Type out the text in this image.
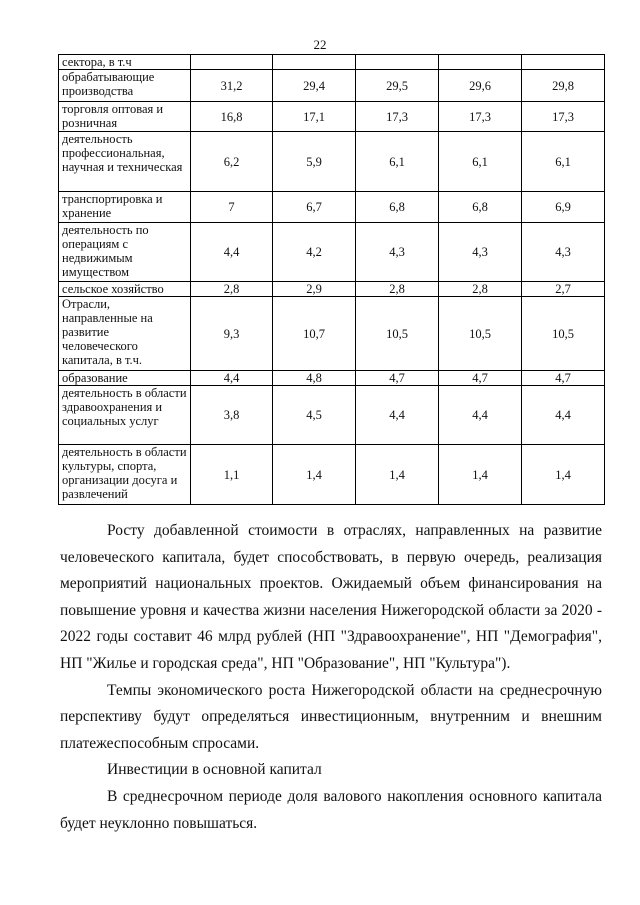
22
сектора, в т.ч					
обрабатывающие производства	31,2	29,4	29,5	29,6	29,8
торговля оптовая и розничная	16,8	17,1	17,3	17,3	17,3
деятельность профессиональная, научная и техническая	6,2	5,9	6,1	6,1	6,1
транспортировка и хранение	7	6,7	6,8	6,8	6,9
деятельность по операциям с недвижимым имуществом	4,4	4,2	4,3	4,3	4,3
сельское хозяйство	2,8	2,9	2,8	2,8	2,7
Отрасли, направленные на развитие человеческого капитала, в т.ч.	9,3	10,7	10,5	10,5	10,5
образование	4,4	4,8	4,7	4,7	4,7
деятельность в области здравоохранения и социальных услуг	3,8	4,5	4,4	4,4	4,4
деятельность в области культуры, спорта, организации досуга и развлечений	1,1	1,4	1,4	1,4	1,4

Росту добавленной стоимости в отраслях, направленных на развитие человеческого капитала, будет способствовать, в первую очередь, реализация мероприятий национальных проектов. Ожидаемый объем финансирования на повышение уровня и качества жизни населения Нижегородской области за 2020 - 2022 годы составит 46 млрд рублей (НП "Здравоохранение", НП "Демография", НП "Жилье и городская среда", НП "Образование", НП "Культура").

Темпы экономического роста Нижегородской области на среднесрочную перспективу будут определяться инвестиционным, внутренним и внешним платежеспособным спросами.

Инвестиции в основной капитал

В среднесрочном периоде доля валового накопления основного капитала будет неуклонно повышаться.
